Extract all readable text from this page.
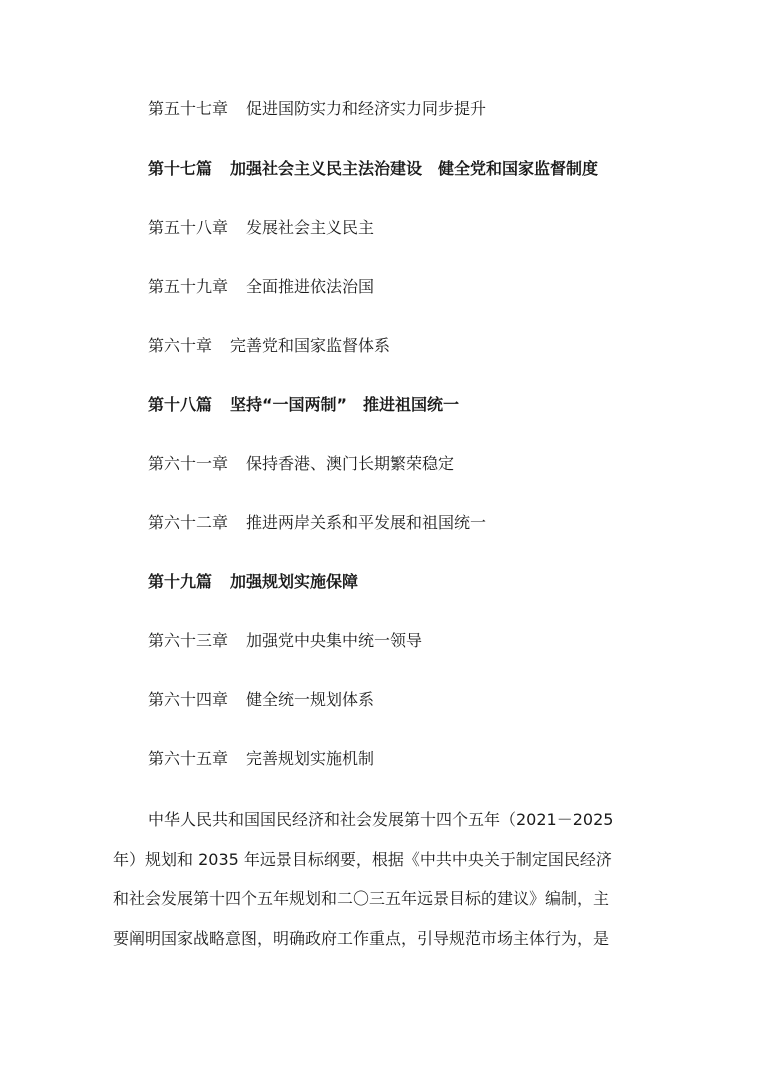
第五十七章 促进国防实力和经济实力同步提升
第十七篇 加强社会主义民主法治建设　健全党和国家监督制度
第五十八章 发展社会主义民主
第五十九章 全面推进依法治国
第六十章 完善党和国家监督体系
第十八篇 坚持“一国两制”　推进祖国统一
第六十一章 保持香港、澳门长期繁荣稳定
第六十二章 推进两岸关系和平发展和祖国统一
第十九篇 加强规划实施保障
第六十三章 加强党中央集中统一领导
第六十四章 健全统一规划体系
第六十五章 完善规划实施机制
中华人民共和国国民经济和社会发展第十四个五年（2021－2025
年）规划和 2035 年远景目标纲要，根据《中共中央关于制定国民经济
和社会发展第十四个五年规划和二〇三五年远景目标的建议》编制，主
要阐明国家战略意图，明确政府工作重点，引导规范市场主体行为，是
